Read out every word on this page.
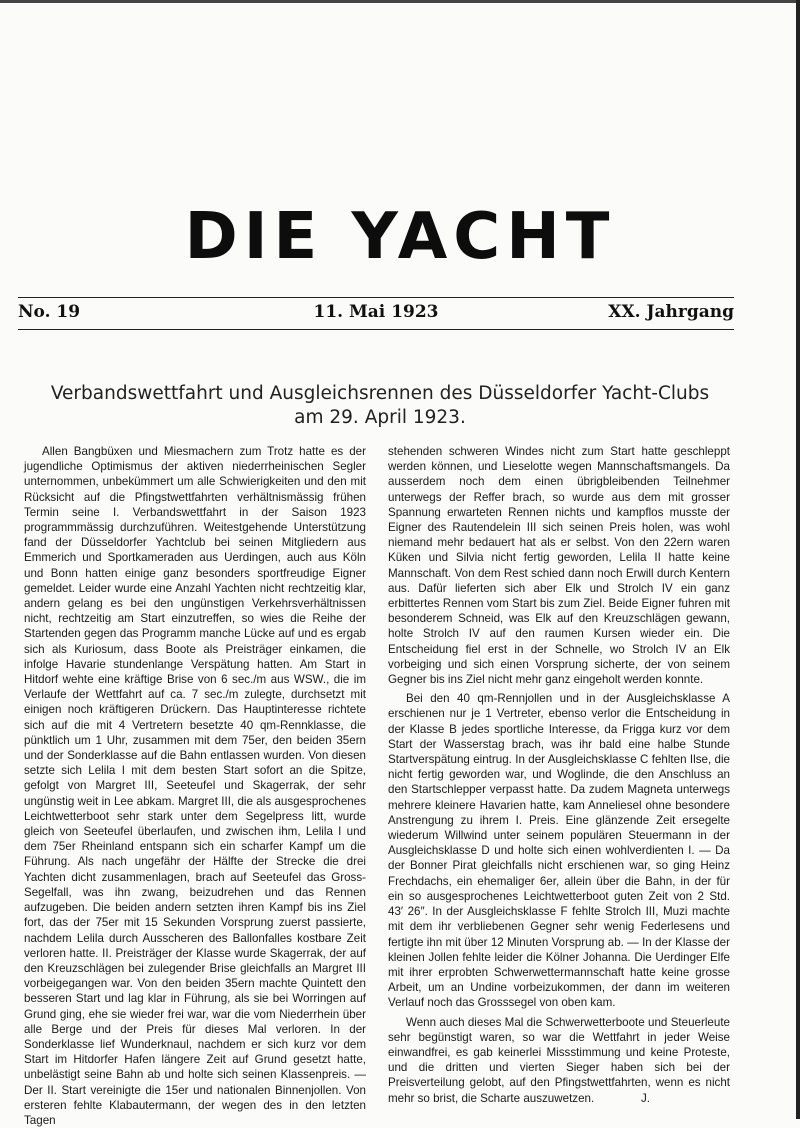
DIE YACHT
No. 19	11. Mai 1923	XX. Jahrgang
Verbandswettfahrt und Ausgleichsrennen des Düsseldorfer Yacht-Clubs
am 29. April 1923.

Allen Bangbüxen und Miesmachern zum Trotz hatte es der jugendliche Optimismus der aktiven niederrheinischen Segler unternommen, unbekümmert um alle Schwierigkeiten und den mit Rücksicht auf die Pfingstwettfahrten verhältnismässig frühen Termin seine I. Verbandswettfahrt in der Saison 1923 programmmässig durchzuführen. Weitestgehende Unterstützung fand der Düsseldorfer Yachtclub bei seinen Mitgliedern aus Emmerich und Sportkameraden aus Uerdingen, auch aus Köln und Bonn hatten einige ganz besonders sportfreudige Eigner gemeldet. Leider wurde eine Anzahl Yachten nicht rechtzeitig klar, andern gelang es bei den ungünstigen Verkehrsverhältnissen nicht, rechtzeitig am Start einzutreffen, so wies die Reihe der Startenden gegen das Programm manche Lücke auf und es ergab sich als Kuriosum, dass Boote als Preisträger einkamen, die infolge Havarie stundenlange Verspätung hatten. Am Start in Hitdorf wehte eine kräftige Brise von 6 sec./m aus WSW., die im Verlaufe der Wettfahrt auf ca. 7 sec./m zulegte, durchsetzt mit einigen noch kräftigeren Drückern. Das Hauptinteresse richtete sich auf die mit 4 Vertretern besetzte 40 qm-Rennklasse, die pünktlich um 1 Uhr, zusammen mit dem 75er, den beiden 35ern und der Sonderklasse auf die Bahn entlassen wurden. Von diesen setzte sich Lelila I mit dem besten Start sofort an die Spitze, gefolgt von Margret III, Seeteufel und Skagerrak, der sehr ungünstig weit in Lee abkam. Margret III, die als ausgesprochenes Leichtwetterboot sehr stark unter dem Segelpress litt, wurde gleich von Seeteufel überlaufen, und zwischen ihm, Lelila I und dem 75er Rheinland entspann sich ein scharfer Kampf um die Führung. Als nach ungefähr der Hälfte der Strecke die drei Yachten dicht zusammenlagen, brach auf Seeteufel das Gross-Segelfall, was ihn zwang, beizudrehen und das Rennen aufzugeben. Die beiden andern setzten ihren Kampf bis ins Ziel fort, das der 75er mit 15 Sekunden Vorsprung zuerst passierte, nachdem Lelila durch Ausscheren des Ballonfalles kostbare Zeit verloren hatte. II. Preisträger der Klasse wurde Skagerrak, der auf den Kreuzschlägen bei zulegender Brise gleichfalls an Margret III vorbeigegangen war. Von den beiden 35ern machte Quintett den besseren Start und lag klar in Führung, als sie bei Worringen auf Grund ging, ehe sie wieder frei war, war die vom Niederrhein über alle Berge und der Preis für dieses Mal verloren. In der Sonderklasse lief Wunderknaul, nachdem er sich kurz vor dem Start im Hitdorfer Hafen längere Zeit auf Grund gesetzt hatte, unbelästigt seine Bahn ab und holte sich seinen Klassenpreis. — Der II. Start vereinigte die 15er und nationalen Binnenjollen. Von ersteren fehlte Klabautermann, der wegen des in den letzten Tagen

stehenden schweren Windes nicht zum Start hatte geschleppt werden können, und Lieselotte wegen Mannschaftsmangels. Da ausserdem noch dem einen übrigbleibenden Teilnehmer unterwegs der Reffer brach, so wurde aus dem mit grosser Spannung erwarteten Rennen nichts und kampflos musste der Eigner des Rautendelein III sich seinen Preis holen, was wohl niemand mehr bedauert hat als er selbst. Von den 22ern waren Küken und Silvia nicht fertig geworden, Lelila II hatte keine Mannschaft. Von dem Rest schied dann noch Erwill durch Kentern aus. Dafür lieferten sich aber Elk und Strolch IV ein ganz erbittertes Rennen vom Start bis zum Ziel. Beide Eigner fuhren mit besonderem Schneid, was Elk auf den Kreuzschlägen gewann, holte Strolch IV auf den raumen Kursen wieder ein. Die Entscheidung fiel erst in der Schnelle, wo Strolch IV an Elk vorbeiging und sich einen Vorsprung sicherte, der von seinem Gegner bis ins Ziel nicht mehr ganz eingeholt werden konnte.

Bei den 40 qm-Rennjollen und in der Ausgleichsklasse A erschienen nur je 1 Vertreter, ebenso verlor die Entscheidung in der Klasse B jedes sportliche Interesse, da Frigga kurz vor dem Start der Wasserstag brach, was ihr bald eine halbe Stunde Startverspätung eintrug. In der Ausgleichsklasse C fehlten Ilse, die nicht fertig geworden war, und Woglinde, die den Anschluss an den Startschlepper verpasst hatte. Da zudem Magneta unterwegs mehrere kleinere Havarien hatte, kam Anneliesel ohne besondere Anstrengung zu ihrem I. Preis. Eine glänzende Zeit ersegelte wiederum Willwind unter seinem populären Steuermann in der Ausgleichsklasse D und holte sich einen wohlverdienten I. — Da der Bonner Pirat gleichfalls nicht erschienen war, so ging Heinz Frechdachs, ein ehemaliger 6er, allein über die Bahn, in der für ein so ausgesprochenes Leichtwetterboot guten Zeit von 2 Std. 43′ 26″. In der Ausgleichsklasse F fehlte Strolch III, Muzi machte mit dem ihr verbliebenen Gegner sehr wenig Federlesens und fertigte ihn mit über 12 Minuten Vorsprung ab. — In der Klasse der kleinen Jollen fehlte leider die Kölner Johanna. Die Uerdinger Elfe mit ihrer erprobten Schwerwettermannschaft hatte keine grosse Arbeit, um an Undine vorbeizukommen, der dann im weiteren Verlauf noch das Grosssegel von oben kam.

Wenn auch dieses Mal die Schwerwetterboote und Steuerleute sehr begünstigt waren, so war die Wettfahrt in jeder Weise einwandfrei, es gab keinerlei Missstimmung und keine Proteste, und die dritten und vierten Sieger haben sich bei der Preisverteilung gelobt, auf den Pfingstwettfahrten, wenn es nicht mehr so brist, die Scharte auszuwetzen.	J.
